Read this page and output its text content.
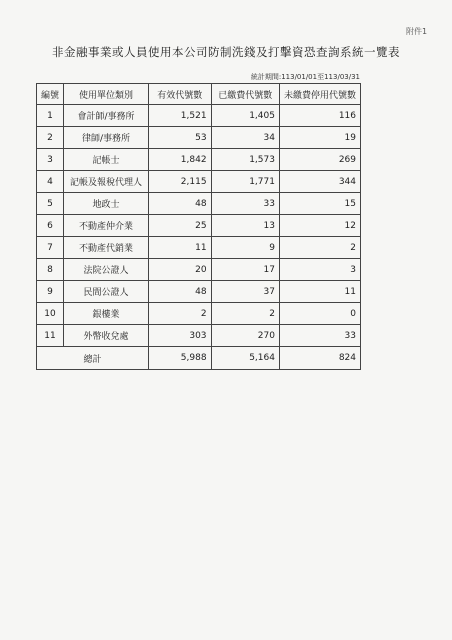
附件1
非金融事業或人員使用本公司防制洗錢及打擊資恐查詢系統一覽表
統計期間:113/01/01至113/03/31
編號	使用單位類別	有效代號數	已繳費代號數	未繳費停用代號數
1	會計師/事務所	1,521	1,405	116
2	律師/事務所	53	34	19
3	記帳士	1,842	1,573	269
4	記帳及報稅代理人	2,115	1,771	344
5	地政士	48	33	15
6	不動產仲介業	25	13	12
7	不動產代銷業	11	9	2
8	法院公證人	20	17	3
9	民間公證人	48	37	11
10	銀樓業	2	2	0
11	外幣收兌處	303	270	33
總計		5,988	5,164	824
